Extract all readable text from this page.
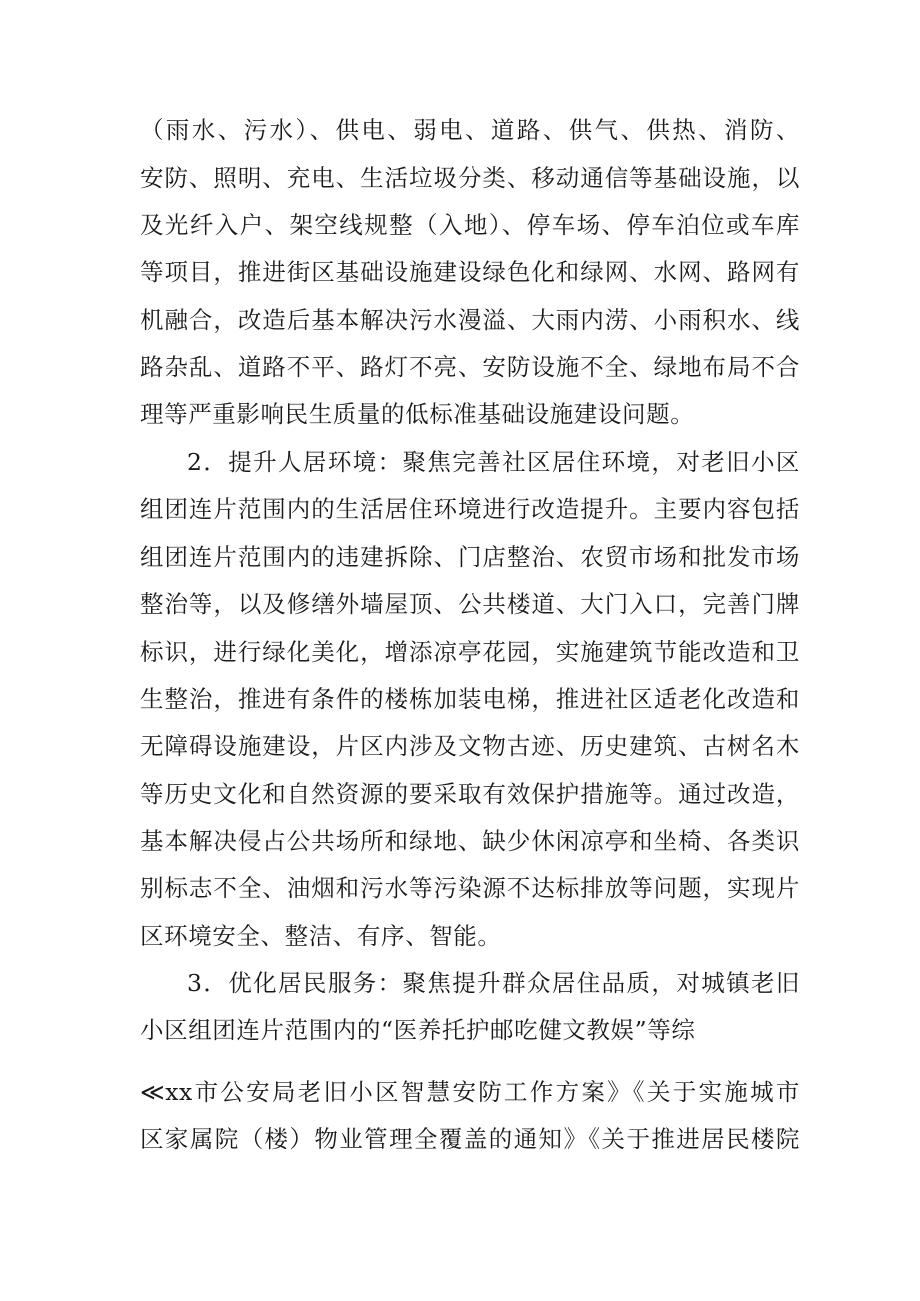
（雨水、污水）、供电、弱电、道路、供气、供热、消防、
安防、照明、充电、生活垃圾分类、移动通信等基础设施，以
及光纤入户、架空线规整（入地）、停车场、停车泊位或车库
等项目，推进街区基础设施建设绿色化和绿网、水网、路网有
机融合，改造后基本解决污水漫溢、大雨内涝、小雨积水、线
路杂乱、道路不平、路灯不亮、安防设施不全、绿地布局不合
理等严重影响民生质量的低标准基础设施建设问题。
2．提升人居环境：聚焦完善社区居住环境，对老旧小区
组团连片范围内的生活居住环境进行改造提升。主要内容包括
组团连片范围内的违建拆除、门店整治、农贸市场和批发市场
整治等，以及修缮外墙屋顶、公共楼道、大门入口，完善门牌
标识，进行绿化美化，增添凉亭花园，实施建筑节能改造和卫
生整治，推进有条件的楼栋加装电梯，推进社区适老化改造和
无障碍设施建设，片区内涉及文物古迹、历史建筑、古树名木
等历史文化和自然资源的要采取有效保护措施等。通过改造，
基本解决侵占公共场所和绿地、缺少休闲凉亭和坐椅、各类识
别标志不全、油烟和污水等污染源不达标排放等问题，实现片
区环境安全、整洁、有序、智能。
3．优化居民服务：聚焦提升群众居住品质，对城镇老旧
小区组团连片范围内的“医养托护邮吃健文教娱”等综
≪xx市公安局老旧小区智慧安防工作方案》《关于实施城市
区家属院（楼）物业管理全覆盖的通知》《关于推进居民楼院
